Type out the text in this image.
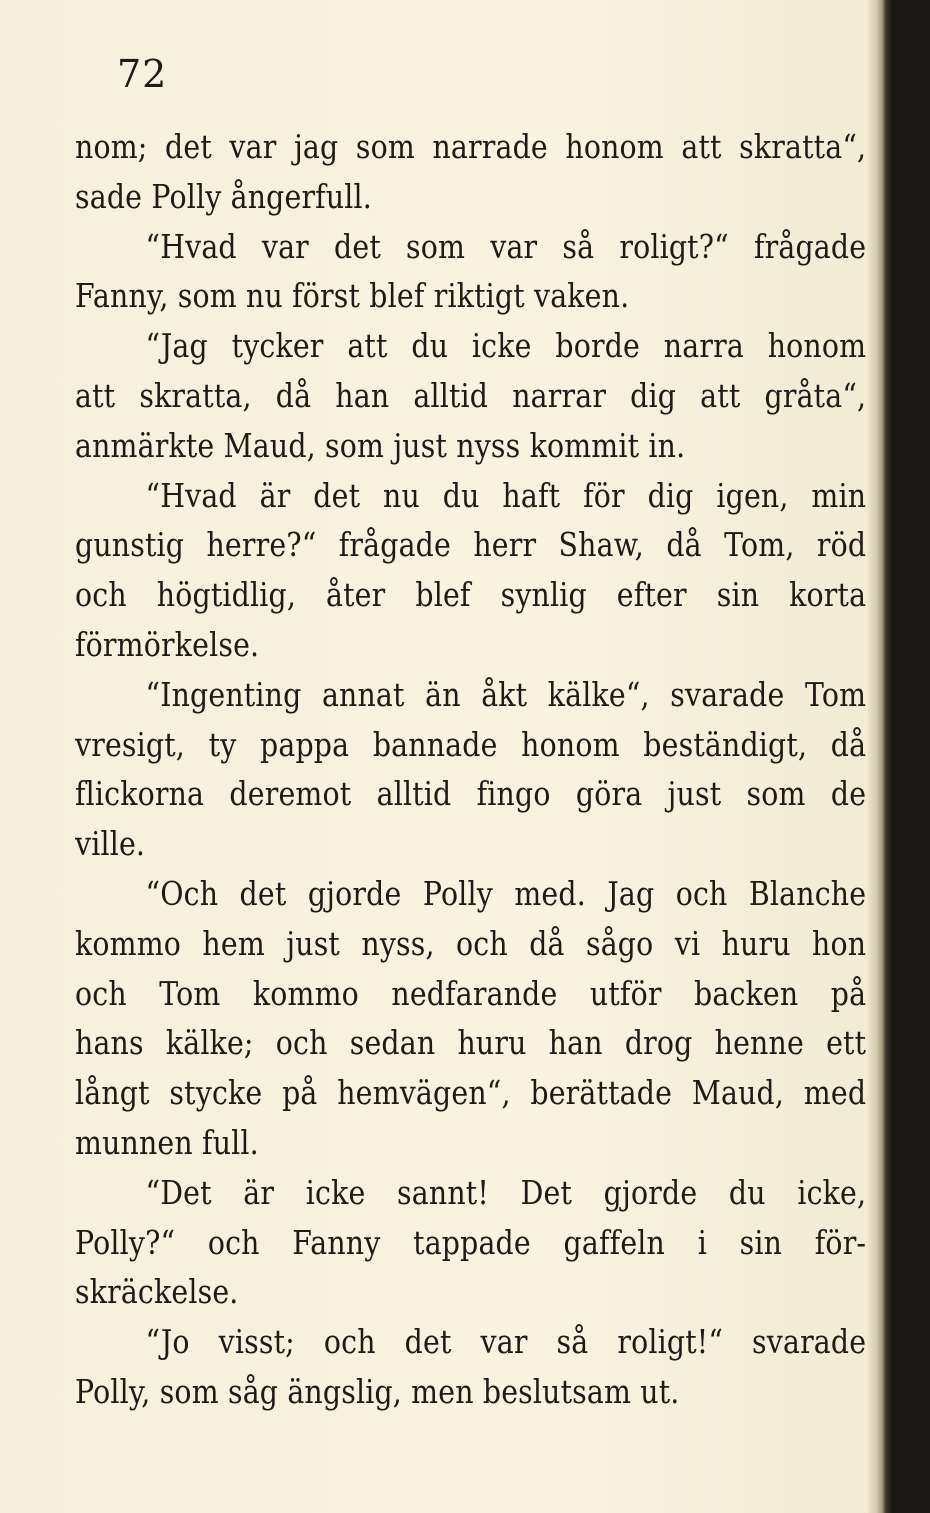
72
nom; det var jag som narrade honom att skratta“,
sade Polly ångerfull.
“Hvad var det som var så roligt?“ frågade
Fanny, som nu först blef riktigt vaken.
“Jag tycker att du icke borde narra honom
att skratta, då han alltid narrar dig att gråta“,
anmärkte Maud, som just nyss kommit in.
“Hvad är det nu du haft för dig igen, min
gunstig herre?“ frågade herr Shaw, då Tom, röd
och högtidlig, åter blef synlig efter sin korta
förmörkelse.
“Ingenting annat än åkt kälke“, svarade Tom
vresigt, ty pappa bannade honom beständigt, då
flickorna deremot alltid fingo göra just som de
ville.
“Och det gjorde Polly med. Jag och Blanche
kommo hem just nyss, och då sågo vi huru hon
och Tom kommo nedfarande utför backen på
hans kälke; och sedan huru han drog henne ett
långt stycke på hemvägen“, berättade Maud, med
munnen full.
“Det är icke sannt! Det gjorde du icke,
Polly?“ och Fanny tappade gaffeln i sin för-
skräckelse.
“Jo visst; och det var så roligt!“ svarade
Polly, som såg ängslig, men beslutsam ut.
